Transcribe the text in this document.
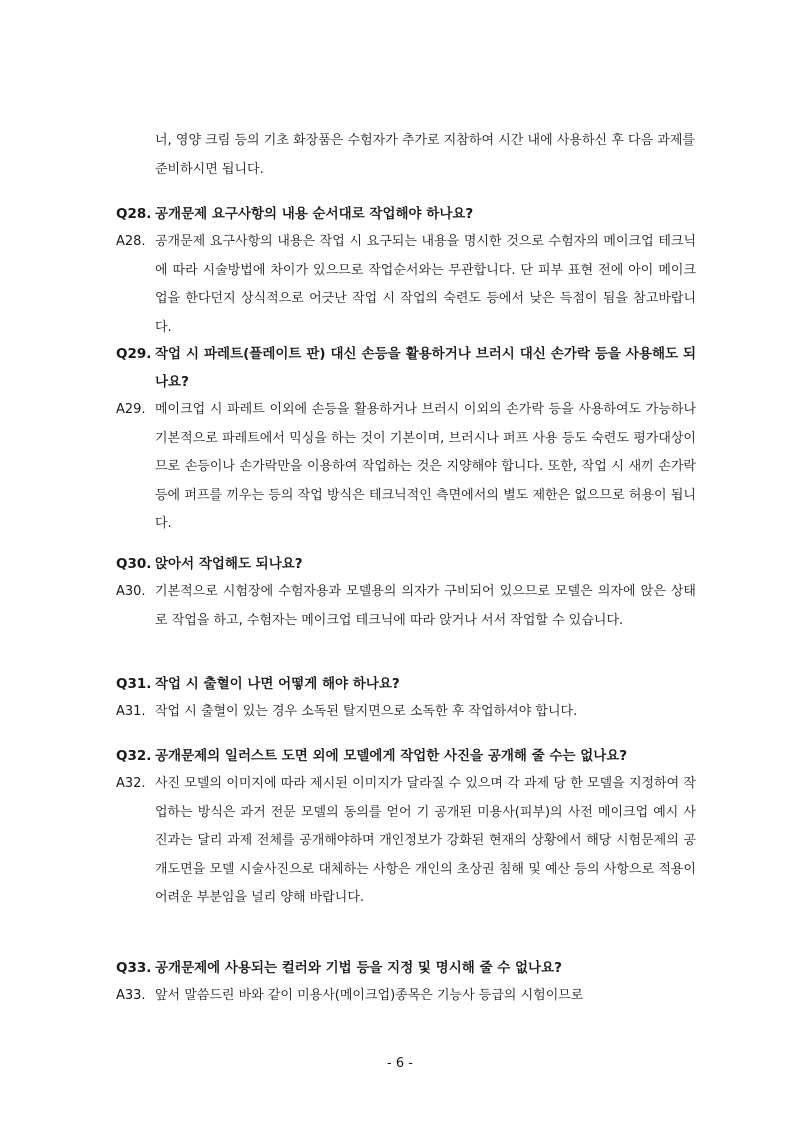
너, 영양 크림 등의 기초 화장품은 수험자가 추가로 지참하여 시간 내에 사용하신 후 다음 과제를 준비하시면 됩니다.
Q28. 공개문제 요구사항의 내용 순서대로 작업해야 하나요?
A28. 공개문제 요구사항의 내용은 작업 시 요구되는 내용을 명시한 것으로 수험자의 메이크업 테크닉에 따라 시술방법에 차이가 있으므로 작업순서와는 무관합니다. 단 피부 표현 전에 아이 메이크업을 한다던지 상식적으로 어긋난 작업 시 작업의 숙련도 등에서 낮은 득점이 됨을 참고바랍니다.
Q29. 작업 시 파레트(플레이트 판) 대신 손등을 활용하거나 브러시 대신 손가락 등을 사용해도 되나요?
A29. 메이크업 시 파레트 이외에 손등을 활용하거나 브러시 이외의 손가락 등을 사용하여도 가능하나 기본적으로 파레트에서 믹싱을 하는 것이 기본이며, 브러시나 퍼프 사용 등도 숙련도 평가대상이므로 손등이나 손가락만을 이용하여 작업하는 것은 지양해야 합니다. 또한, 작업 시 새끼 손가락 등에 퍼프를 끼우는 등의 작업 방식은 테크닉적인 측면에서의 별도 제한은 없으므로 허용이 됩니다.
Q30. 앉아서 작업해도 되나요?
A30. 기본적으로 시험장에 수험자용과 모델용의 의자가 구비되어 있으므로 모델은 의자에 앉은 상태로 작업을 하고, 수험자는 메이크업 테크닉에 따라 앉거나 서서 작업할 수 있습니다.
Q31. 작업 시 출혈이 나면 어떻게 해야 하나요?
A31. 작업 시 출혈이 있는 경우 소독된 탈지면으로 소독한 후 작업하셔야 합니다.
Q32. 공개문제의 일러스트 도면 외에 모델에게 작업한 사진을 공개해 줄 수는 없나요?
A32. 사진 모델의 이미지에 따라 제시된 이미지가 달라질 수 있으며 각 과제 당 한 모델을 지정하여 작업하는 방식은 과거 전문 모델의 동의를 얻어 기 공개된 미용사(피부)의 사전 메이크업 예시 사진과는 달리 과제 전체를 공개해야하며 개인정보가 강화된 현재의 상황에서 해당 시험문제의 공개도면을 모델 시술사진으로 대체하는 사항은 개인의 초상권 침해 및 예산 등의 사항으로 적용이 어려운 부분임을 널리 양해 바랍니다.
Q33. 공개문제에 사용되는 컬러와 기법 등을 지정 및 명시해 줄 수 없나요?
A33. 앞서 말씀드린 바와 같이 미용사(메이크업)종목은 기능사 등급의 시험이므로
- 6 -
